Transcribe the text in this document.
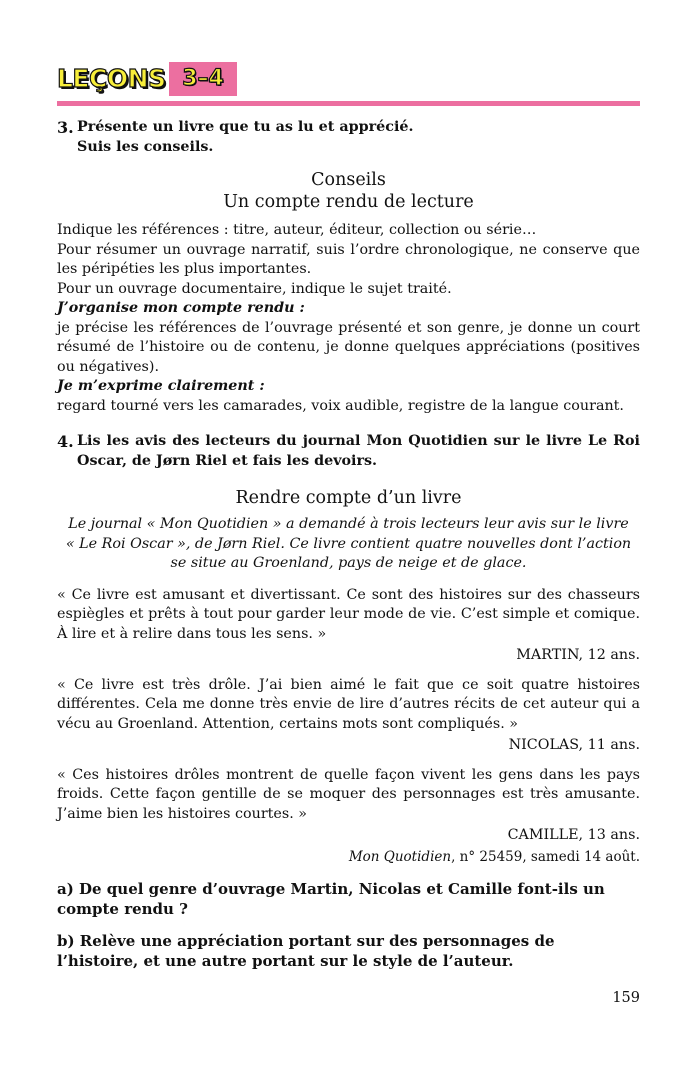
LEÇONS 3–4
3. Présente un livre que tu as lu et apprécié.

Suis les conseils.

Conseils

Un compte rendu de lecture

Indique les références : titre, auteur, éditeur, collection ou série…

Pour résumer un ouvrage narratif, suis l’ordre chronologique, ne conserve que les péripéties les plus importantes.

Pour un ouvrage documentaire, indique le sujet traité.

J’organise mon compte rendu :

je précise les références de l’ouvrage présenté et son genre, je donne un court résumé de l’histoire ou de contenu, je donne quelques appréciations (positives ou négatives).

Je m’exprime clairement :

regard tourné vers les camarades, voix audible, registre de la langue courant.

4. Lis les avis des lecteurs du journal Mon Quotidien sur le livre Le Roi Oscar, de Jørn Riel et fais les devoirs.

Rendre compte d’un livre

Le journal « Mon Quotidien » a demandé à trois lecteurs leur avis sur le livre « Le Roi Oscar », de Jørn Riel. Ce livre contient quatre nouvelles dont l’action se situe au Groenland, pays de neige et de glace.

« Ce livre est amusant et divertissant. Ce sont des histoires sur des chasseurs espiègles et prêts à tout pour garder leur mode de vie. C’est simple et comique. À lire et à relire dans tous les sens. »

MARTIN, 12 ans.

« Ce livre est très drôle. J’ai bien aimé le fait que ce soit quatre histoires différentes. Cela me donne très envie de lire d’autres récits de cet auteur qui a vécu au Groenland. Attention, certains mots sont compliqués. »

NICOLAS, 11 ans.

« Ces histoires drôles montrent de quelle façon vivent les gens dans les pays froids. Cette façon gentille de se moquer des personnages est très amusante. J’aime bien les histoires courtes. »

CAMILLE, 13 ans.

Mon Quotidien, n° 25459, samedi 14 août.

a) De quel genre d’ouvrage Martin, Nicolas et Camille font-ils un compte rendu ?

b) Relève une appréciation portant sur des personnages de l’histoire, et une autre portant sur le style de l’auteur.

159
